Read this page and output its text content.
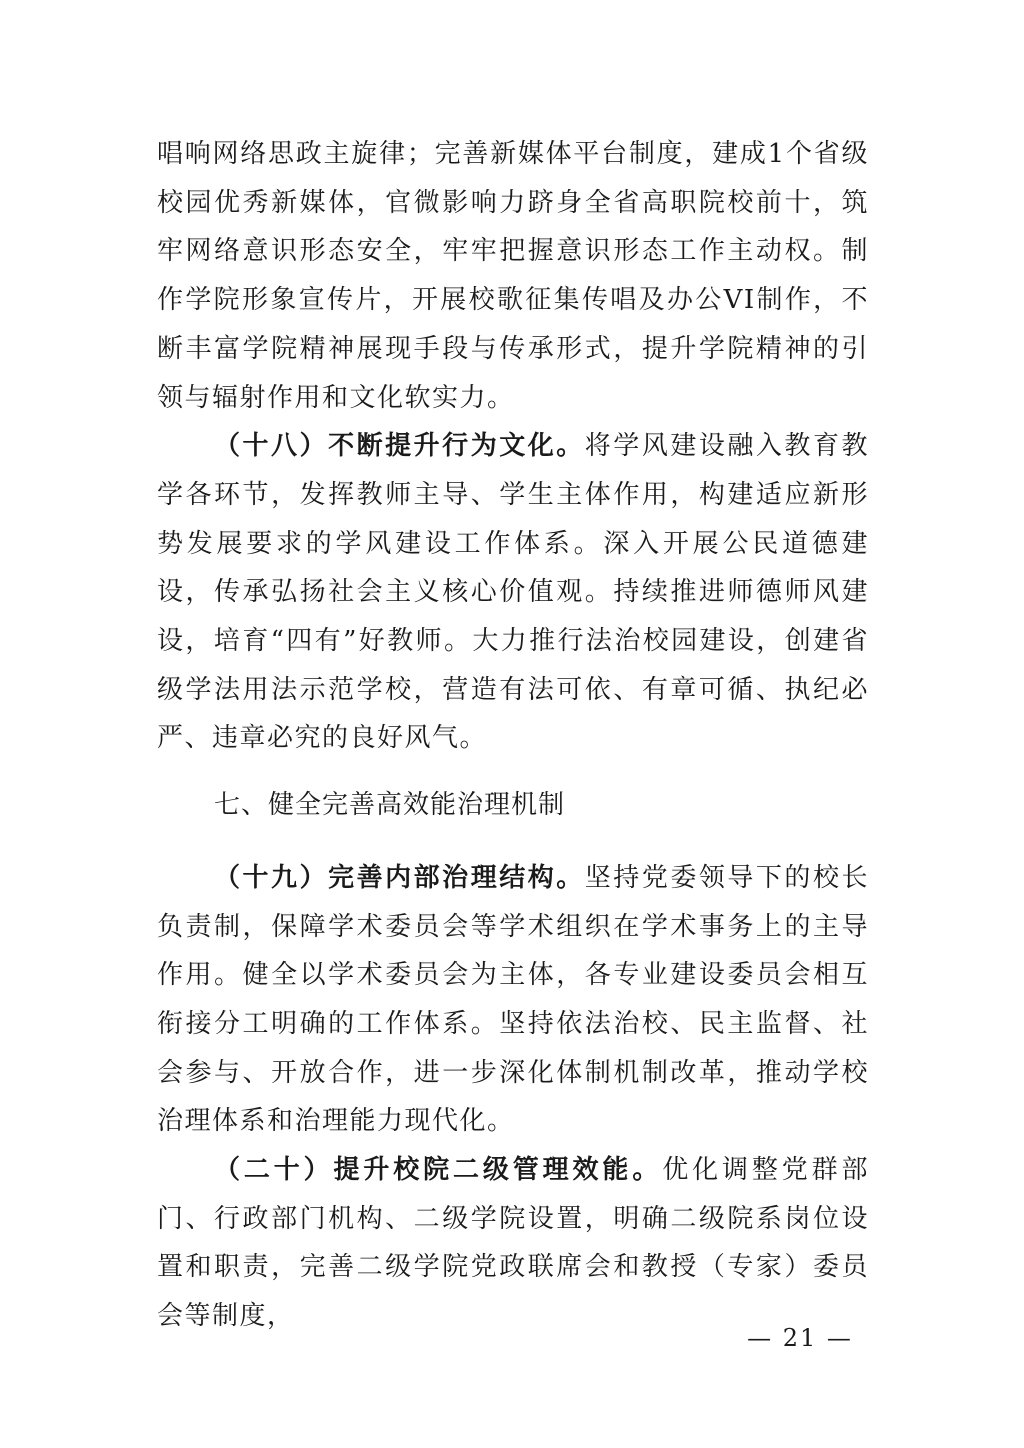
唱响网络思政主旋律；完善新媒体平台制度，建成1个省级校园优秀新媒体，官微影响力跻身全省高职院校前十，筑牢网络意识形态安全，牢牢把握意识形态工作主动权。制作学院形象宣传片，开展校歌征集传唱及办公VI制作，不断丰富学院精神展现手段与传承形式，提升学院精神的引领与辐射作用和文化软实力。

（十八）不断提升行为文化。将学风建设融入教育教学各环节，发挥教师主导、学生主体作用，构建适应新形势发展要求的学风建设工作体系。深入开展公民道德建设，传承弘扬社会主义核心价值观。持续推进师德师风建设，培育“四有”好教师。大力推行法治校园建设，创建省级学法用法示范学校，营造有法可依、有章可循、执纪必严、违章必究的良好风气。

七、健全完善高效能治理机制

（十九）完善内部治理结构。坚持党委领导下的校长负责制，保障学术委员会等学术组织在学术事务上的主导作用。健全以学术委员会为主体，各专业建设委员会相互衔接分工明确的工作体系。坚持依法治校、民主监督、社会参与、开放合作，进一步深化体制机制改革，推动学校治理体系和治理能力现代化。

（二十）提升校院二级管理效能。优化调整党群部门、行政部门机构、二级学院设置，明确二级院系岗位设置和职责，完善二级学院党政联席会和教授（专家）委员会等制度，

— 21 —
